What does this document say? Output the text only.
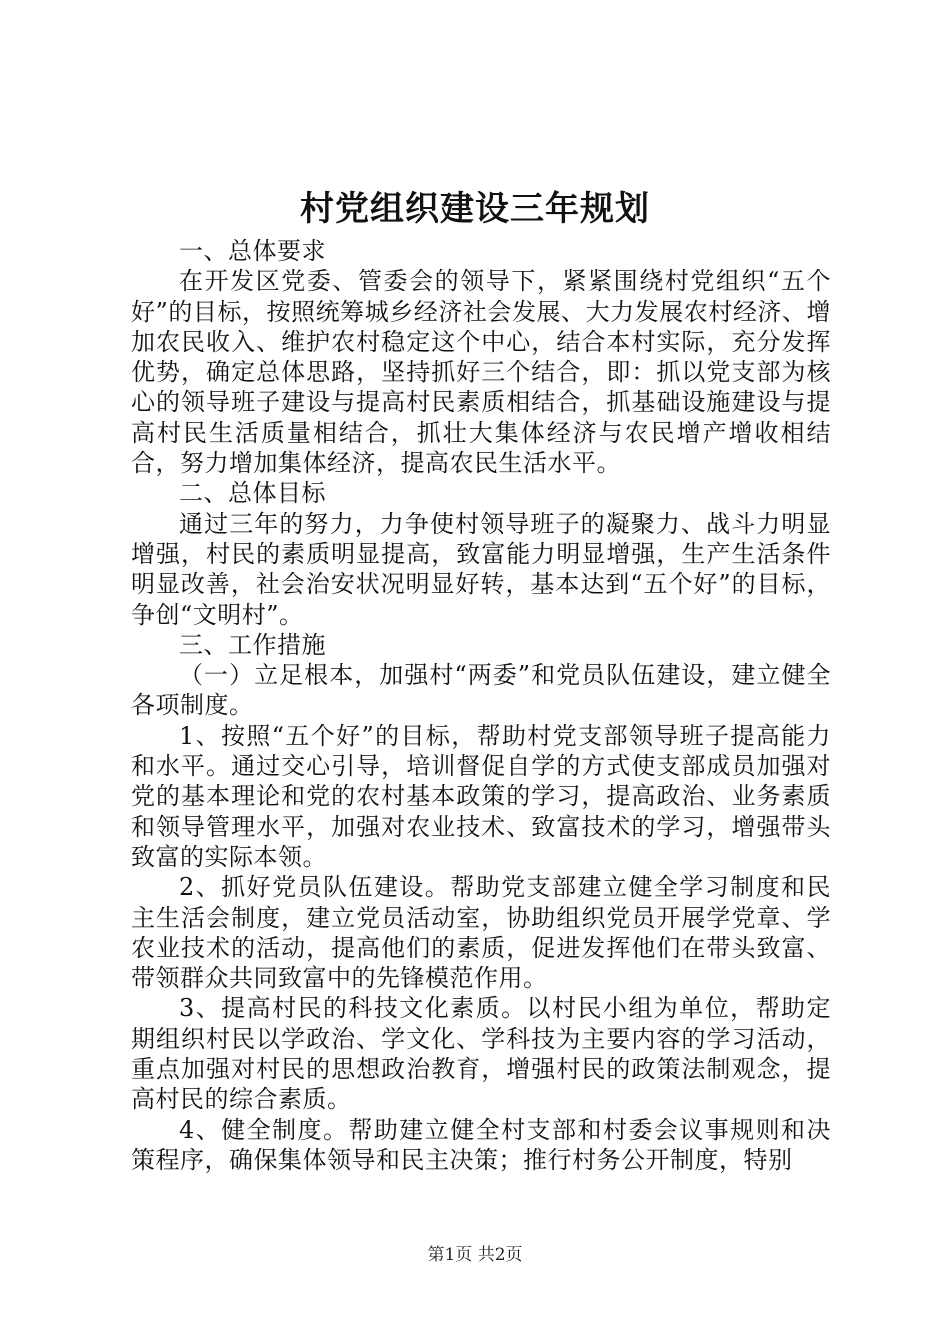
村党组织建设三年规划

一、总体要求

在开发区党委、管委会的领导下，紧紧围绕村党组织“五个好”的目标，按照统筹城乡经济社会发展、大力发展农村经济、增加农民收入、维护农村稳定这个中心，结合本村实际，充分发挥优势，确定总体思路，坚持抓好三个结合，即：抓以党支部为核心的领导班子建设与提高村民素质相结合，抓基础设施建设与提高村民生活质量相结合，抓壮大集体经济与农民增产增收相结合，努力增加集体经济，提高农民生活水平。

二、总体目标

通过三年的努力，力争使村领导班子的凝聚力、战斗力明显增强，村民的素质明显提高，致富能力明显增强，生产生活条件明显改善，社会治安状况明显好转，基本达到“五个好”的目标，争创“文明村”。

三、工作措施

（一）立足根本，加强村“两委”和党员队伍建设，建立健全各项制度。

1、按照“五个好”的目标，帮助村党支部领导班子提高能力和水平。通过交心引导，培训督促自学的方式使支部成员加强对党的基本理论和党的农村基本政策的学习，提高政治、业务素质和领导管理水平，加强对农业技术、致富技术的学习，增强带头致富的实际本领。

2、抓好党员队伍建设。帮助党支部建立健全学习制度和民主生活会制度，建立党员活动室，协助组织党员开展学党章、学农业技术的活动，提高他们的素质，促进发挥他们在带头致富、带领群众共同致富中的先锋模范作用。

3、提高村民的科技文化素质。以村民小组为单位，帮助定期组织村民以学政治、学文化、学科技为主要内容的学习活动，重点加强对村民的思想政治教育，增强村民的政策法制观念，提高村民的综合素质。

4、健全制度。帮助建立健全村支部和村委会议事规则和决策程序，确保集体领导和民主决策；推行村务公开制度，特别

第1页 共2页
